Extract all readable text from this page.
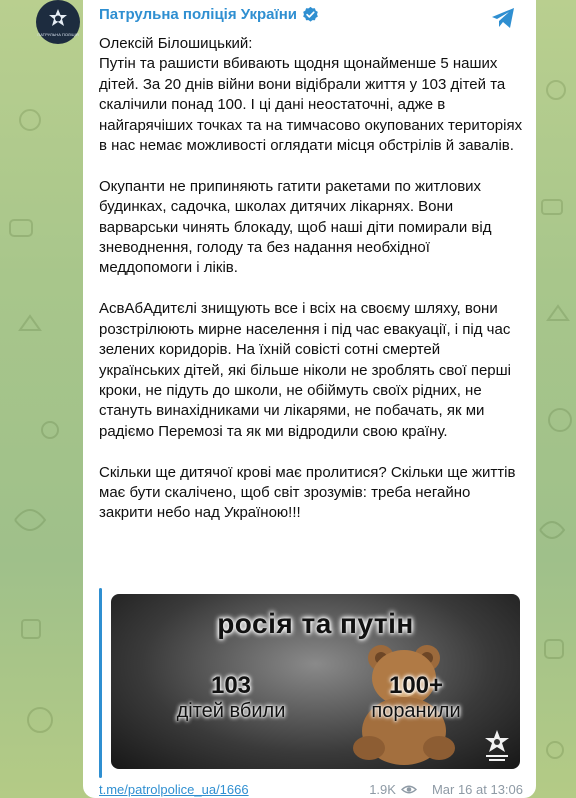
ПАТРУЛЬНА ПОЛІЦІЯ
Патрульна поліція України

Олексій Білошицький:
Путін та рашисти вбивають щодня щонайменше 5 наших дітей. За 20 днів війни вони відібрали життя у 103 дітей та скалічили понад 100. І ці дані неостаточні, адже в найгарячіших точках та на тимчасово окупованих територіях в нас немає можливості оглядати місця обстрілів й завалів.

Окупанти не припиняють гатити ракетами по житлових будинках, садочка, школах дитячих лікарнях. Вони варварськи чинять блокаду, щоб наші діти помирали від зневоднення, голоду та без надання необхідної меддопомоги і ліків.

АсвАбАдитєлі знищують все і всіх на своєму шляху, вони розстрілюють мирне населення і під час евакуації, і під час зелених коридорів. На їхній совісті сотні смертей українських дітей, які більше ніколи не зроблять свої перші кроки, не підуть до школи, не обіймуть своїх рідних, не стануть винахідниками чи лікарями, не побачать, як ми радіємо Перемозі та як ми відродили свою країну.

Скільки ще дитячої крові має пролитися? Скільки ще життів має бути скалічено, щоб світ зрозумів: треба негайно закрити небо над Україною!!!

росія та путін
103
дітей вбили
100+
поранили
t.me/patrolpolice_ua/1666	1.9K	Mar 16 at 13:06
